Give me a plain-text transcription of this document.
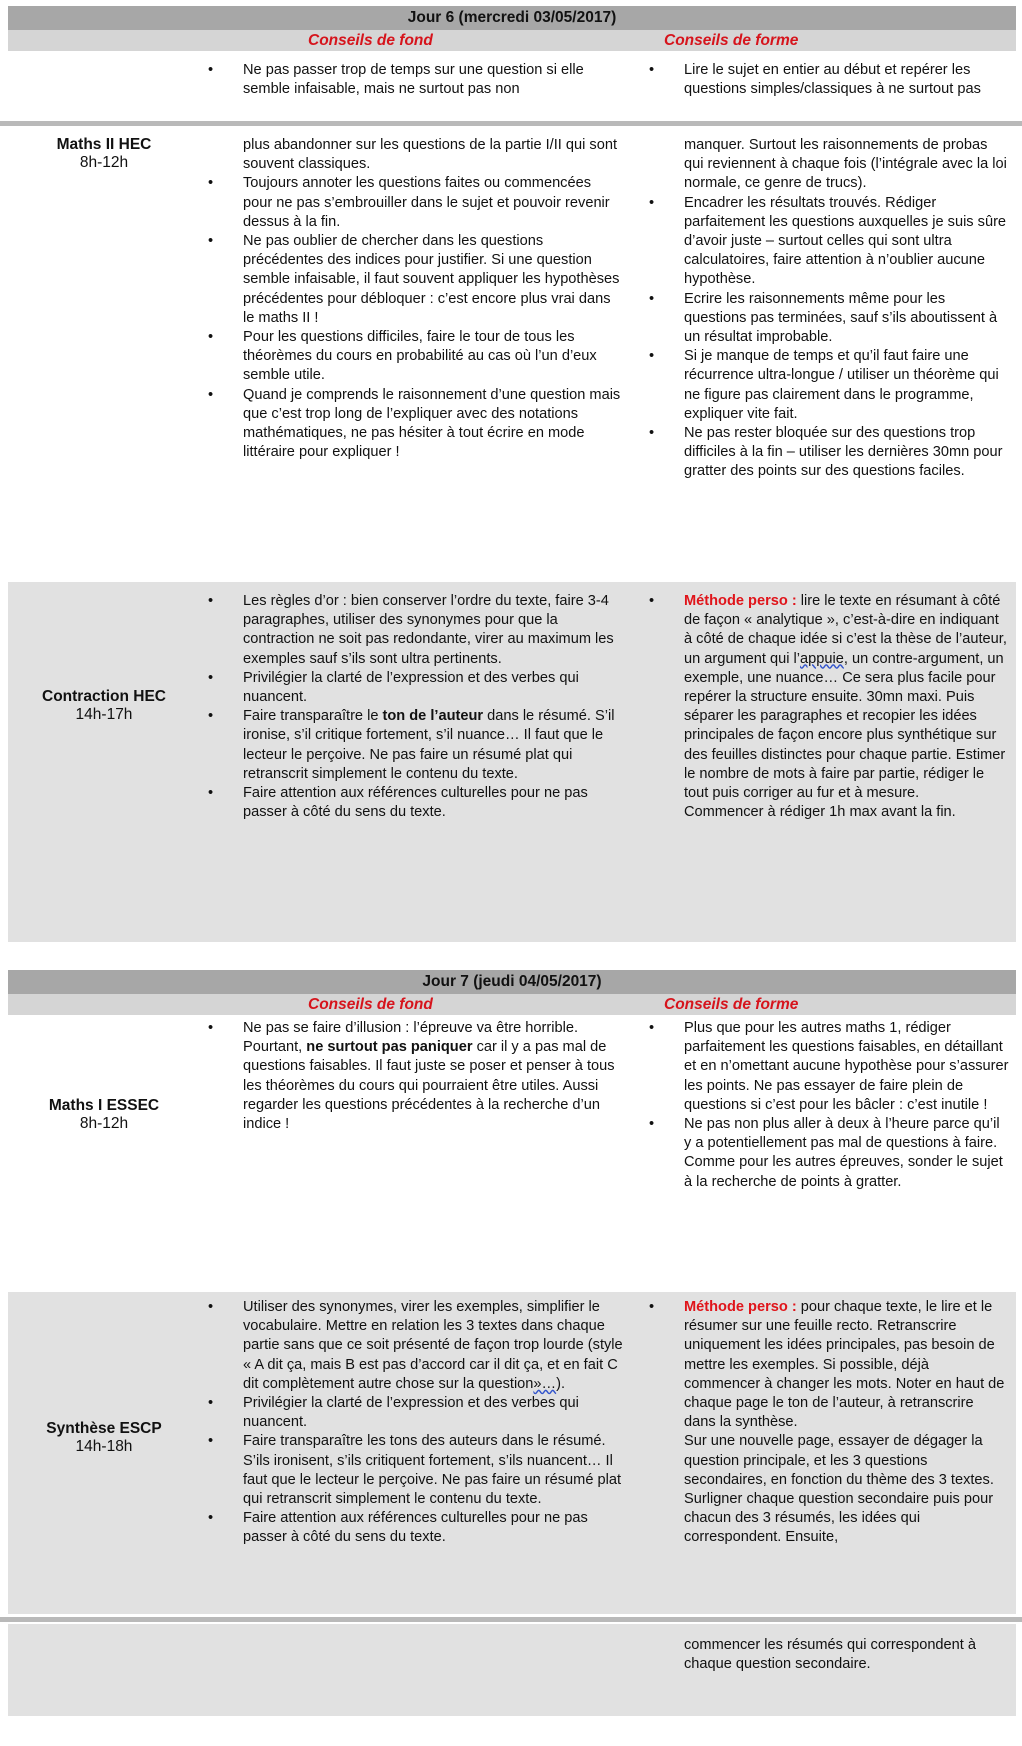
Jour 6 (mercredi 03/05/2017)
Conseils de fond	Conseils de forme
• Ne pas passer trop de temps sur une question si elle semble infaisable, mais ne surtout pas non
• Lire le sujet en entier au début et repérer les questions simples/classiques à ne surtout pas
Maths II HEC
8h-12h
plus abandonner sur les questions de la partie I/II qui sont souvent classiques.
• Toujours annoter les questions faites ou commencées pour ne pas s’embrouiller dans le sujet et pouvoir revenir dessus à la fin.
• Ne pas oublier de chercher dans les questions précédentes des indices pour justifier. Si une question semble infaisable, il faut souvent appliquer les hypothèses précédentes pour débloquer : c’est encore plus vrai dans le maths II !
• Pour les questions difficiles, faire le tour de tous les théorèmes du cours en probabilité au cas où l’un d’eux semble utile.
• Quand je comprends le raisonnement d’une question mais que c’est trop long de l’expliquer avec des notations mathématiques, ne pas hésiter à tout écrire en mode littéraire pour expliquer !
manquer. Surtout les raisonnements de probas qui reviennent à chaque fois (l’intégrale avec la loi normale, ce genre de trucs).
• Encadrer les résultats trouvés. Rédiger parfaitement les questions auxquelles je suis sûre d’avoir juste – surtout celles qui sont ultra calculatoires, faire attention à n’oublier aucune hypothèse.
• Ecrire les raisonnements même pour les questions pas terminées, sauf s’ils aboutissent à un résultat improbable.
• Si je manque de temps et qu’il faut faire une récurrence ultra-longue / utiliser un théorème qui ne figure pas clairement dans le programme, expliquer vite fait.
• Ne pas rester bloquée sur des questions trop difficiles à la fin – utiliser les dernières 30mn pour gratter des points sur des questions faciles.
Contraction HEC
14h-17h
• Les règles d’or : bien conserver l’ordre du texte, faire 3-4 paragraphes, utiliser des synonymes pour que la contraction ne soit pas redondante, virer au maximum les exemples sauf s’ils sont ultra pertinents.
• Privilégier la clarté de l’expression et des verbes qui nuancent.
• Faire transparaître le ton de l’auteur dans le résumé. S’il ironise, s’il critique fortement, s’il nuance… Il faut que le lecteur le perçoive. Ne pas faire un résumé plat qui retranscrit simplement le contenu du texte.
• Faire attention aux références culturelles pour ne pas passer à côté du sens du texte.
• Méthode perso : lire le texte en résumant à côté de façon « analytique », c’est-à-dire en indiquant à côté de chaque idée si c’est la thèse de l’auteur, un argument qui l’appuie, un contre-argument, un exemple, une nuance… Ce sera plus facile pour repérer la structure ensuite. 30mn maxi. Puis séparer les paragraphes et recopier les idées principales de façon encore plus synthétique sur des feuilles distinctes pour chaque partie. Estimer le nombre de mots à faire par partie, rédiger le tout puis corriger au fur et à mesure.
Commencer à rédiger 1h max avant la fin.
Jour 7 (jeudi 04/05/2017)
Conseils de fond	Conseils de forme
Maths I ESSEC
8h-12h
• Ne pas se faire d’illusion : l’épreuve va être horrible. Pourtant, ne surtout pas paniquer car il y a pas mal de questions faisables. Il faut juste se poser et penser à tous les théorèmes du cours qui pourraient être utiles. Aussi regarder les questions précédentes à la recherche d’un indice !
• Plus que pour les autres maths 1, rédiger parfaitement les questions faisables, en détaillant et en n’omettant aucune hypothèse pour s’assurer les points. Ne pas essayer de faire plein de questions si c’est pour les bâcler : c’est inutile !
• Ne pas non plus aller à deux à l’heure parce qu’il y a potentiellement pas mal de questions à faire. Comme pour les autres épreuves, sonder le sujet à la recherche de points à gratter.
Synthèse ESCP
14h-18h
• Utiliser des synonymes, virer les exemples, simplifier le vocabulaire. Mettre en relation les 3 textes dans chaque partie sans que ce soit présenté de façon trop lourde (style « A dit ça, mais B est pas d’accord car il dit ça, et en fait C dit complètement autre chose sur la question»…).
• Privilégier la clarté de l’expression et des verbes qui nuancent.
• Faire transparaître les tons des auteurs dans le résumé. S’ils ironisent, s’ils critiquent fortement, s’ils nuancent… Il faut que le lecteur le perçoive. Ne pas faire un résumé plat qui retranscrit simplement le contenu du texte.
• Faire attention aux références culturelles pour ne pas passer à côté du sens du texte.
• Méthode perso : pour chaque texte, le lire et le résumer sur une feuille recto. Retranscrire uniquement les idées principales, pas besoin de mettre les exemples. Si possible, déjà commencer à changer les mots. Noter en haut de chaque page le ton de l’auteur, à retranscrire dans la synthèse.
Sur une nouvelle page, essayer de dégager la question principale, et les 3 questions secondaires, en fonction du thème des 3 textes.
Surligner chaque question secondaire puis pour chacun des 3 résumés, les idées qui correspondent. Ensuite,
commencer les résumés qui correspondent à chaque question secondaire.
